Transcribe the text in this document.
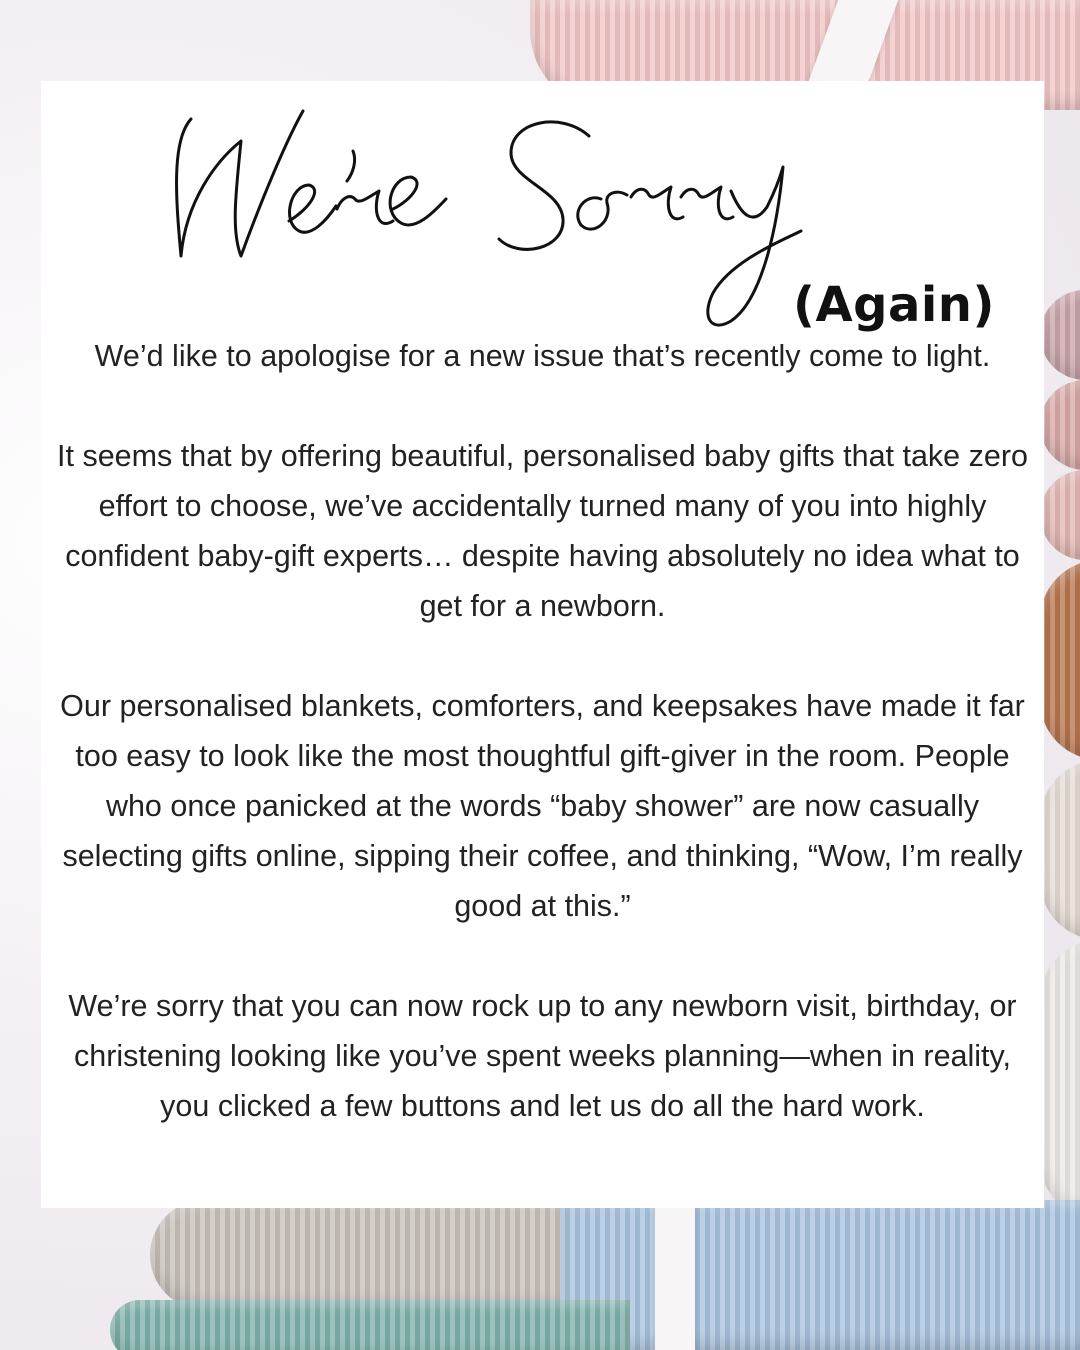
(Again)

We’d like to apologise for a new issue that’s recently come to light.

It seems that by offering beautiful, personalised baby gifts that take zero effort to choose, we’ve accidentally turned many of you into highly confident baby-gift experts… despite having absolutely no idea what to get for a newborn.

Our personalised blankets, comforters, and keepsakes have made it far too easy to look like the most thoughtful gift-giver in the room. People who once panicked at the words “baby shower” are now casually selecting gifts online, sipping their coffee, and thinking, “Wow, I’m really good at this.”

We’re sorry that you can now rock up to any newborn visit, birthday, or christening looking like you’ve spent weeks planning—when in reality, you clicked a few buttons and let us do all the hard work.
